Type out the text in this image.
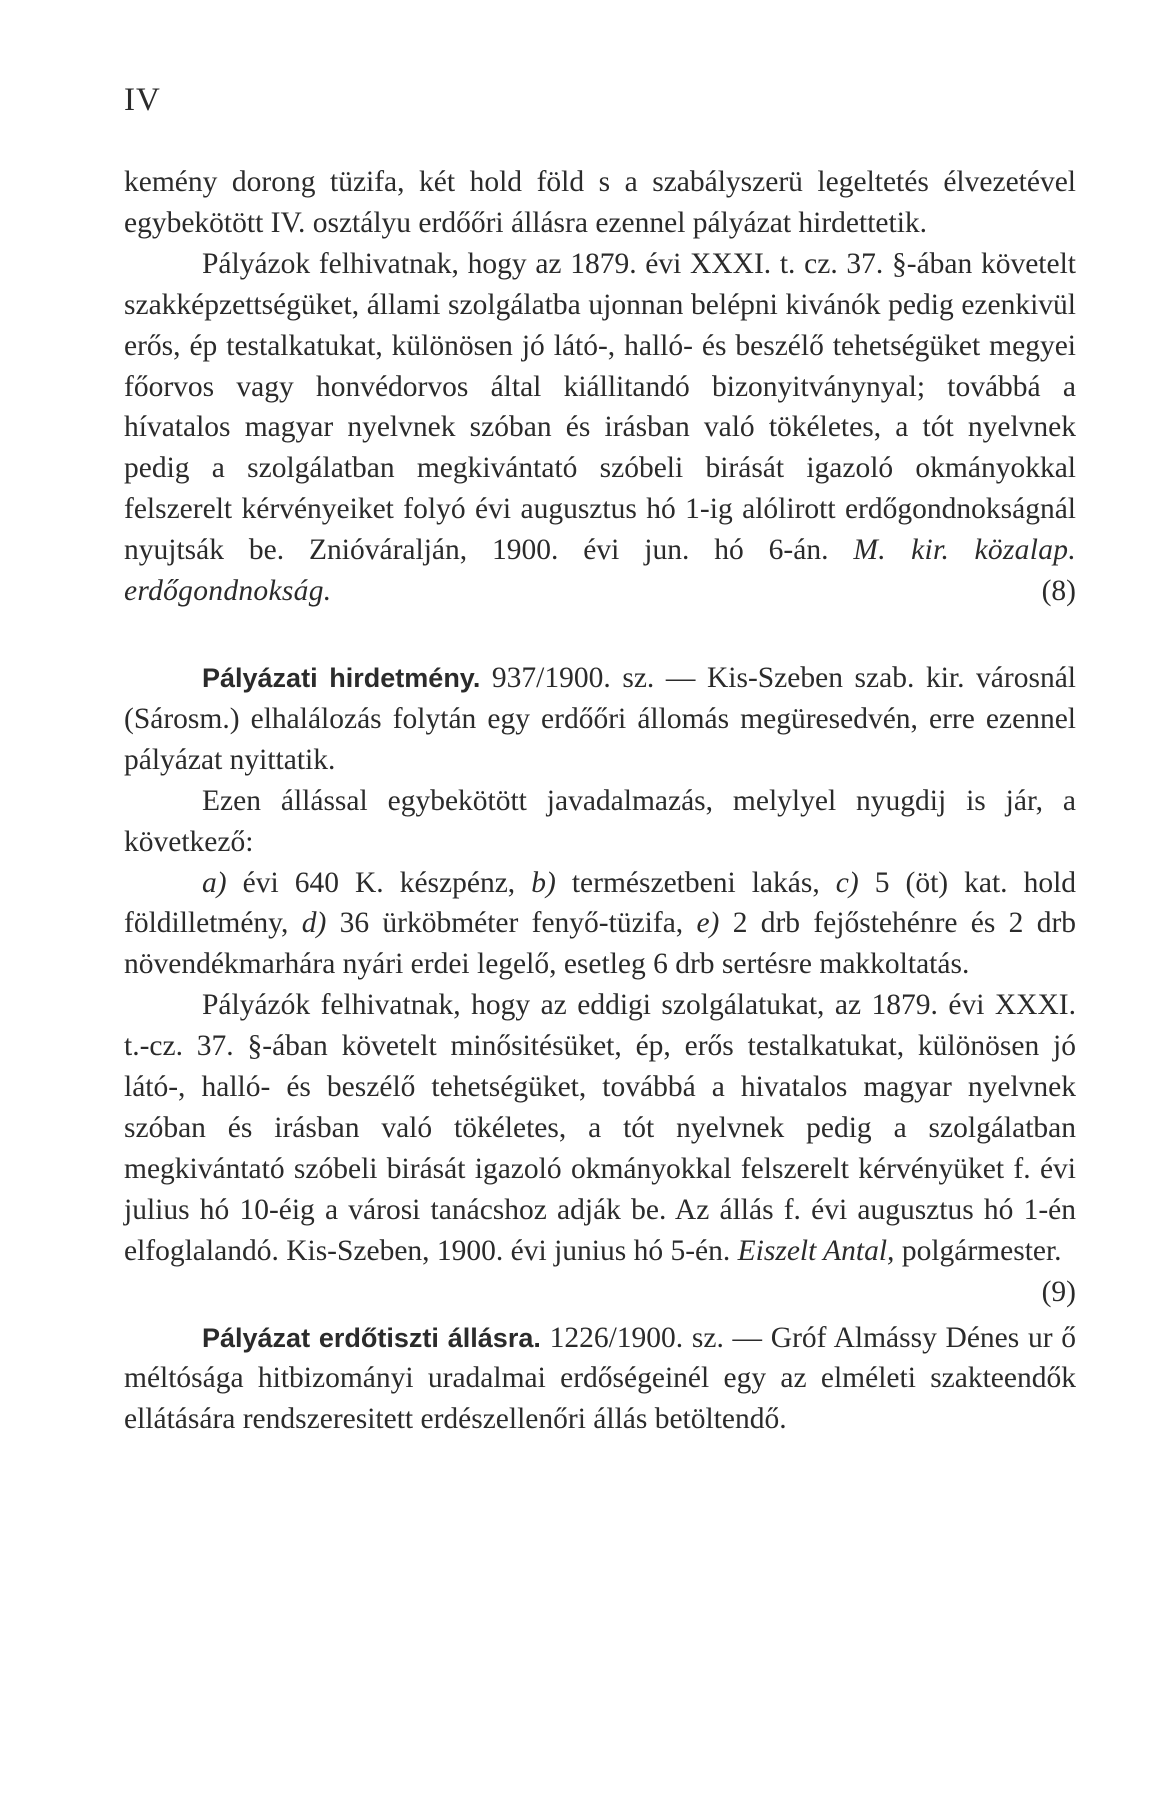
IV

kemény dorong tüzifa, két hold föld s a szabályszerü legeltetés élvezetével egybekötött IV. osztályu erdőőri állásra ezennel pályázat hirdettetik.

Pályázok felhivatnak, hogy az 1879. évi XXXI. t. cz. 37. §-ában követelt szakképzettségüket, állami szolgálatba ujonnan belépni kivánók pedig ezenkivül erős, ép testalkatukat, különösen jó látó-, halló- és beszélő tehetségüket megyei főorvos vagy honvédorvos által kiállitandó bizonyitványnyal; továbbá a hívatalos magyar nyelvnek szóban és irásban való tökéletes, a tót nyelvnek pedig a szolgálatban megkivántató szóbeli birását igazoló okmányokkal felszerelt kérvényeiket folyó évi augusztus hó 1-ig alólirott erdőgondnokságnál nyujtsák be. Znióváralján, 1900. évi jun. hó 6-án. M. kir. közalap. erdőgondnokság.	(8)

Pályázati hirdetmény. 937/1900. sz. — Kis-Szeben szab. kir. városnál (Sárosm.) elhalálozás folytán egy erdőőri állomás megüresedvén, erre ezennel pályázat nyittatik.

Ezen állással egybekötött javadalmazás, melylyel nyugdij is jár, a következő:

a) évi 640 K. készpénz, b) természetbeni lakás, c) 5 (öt) kat. hold földilletmény, d) 36 ürköbméter fenyő-tüzifa, e) 2 drb fejőstehénre és 2 drb növendékmarhára nyári erdei legelő, esetleg 6 drb sertésre makkoltatás.

Pályázók felhivatnak, hogy az eddigi szolgálatukat, az 1879. évi XXXI. t.-cz. 37. §-ában követelt minősitésüket, ép, erős testalkatukat, különösen jó látó-, halló- és beszélő tehetségüket, továbbá a hivatalos magyar nyelvnek szóban és irásban való tökéletes, a tót nyelvnek pedig a szolgálatban megkivántató szóbeli birását igazoló okmányokkal felszerelt kérvényüket f. évi julius hó 10-éig a városi tanácshoz adják be. Az állás f. évi augusztus hó 1-én elfoglalandó. Kis-Szeben, 1900. évi junius hó 5-én. Eiszelt Antal, polgármester.
(9)

Pályázat erdőtiszti állásra. 1226/1900. sz. — Gróf Almássy Dénes ur ő méltósága hitbizományi uradalmai erdőségeinél egy az elméleti szakteendők ellátására rendszeresitett erdészellenőri állás betöltendő.
